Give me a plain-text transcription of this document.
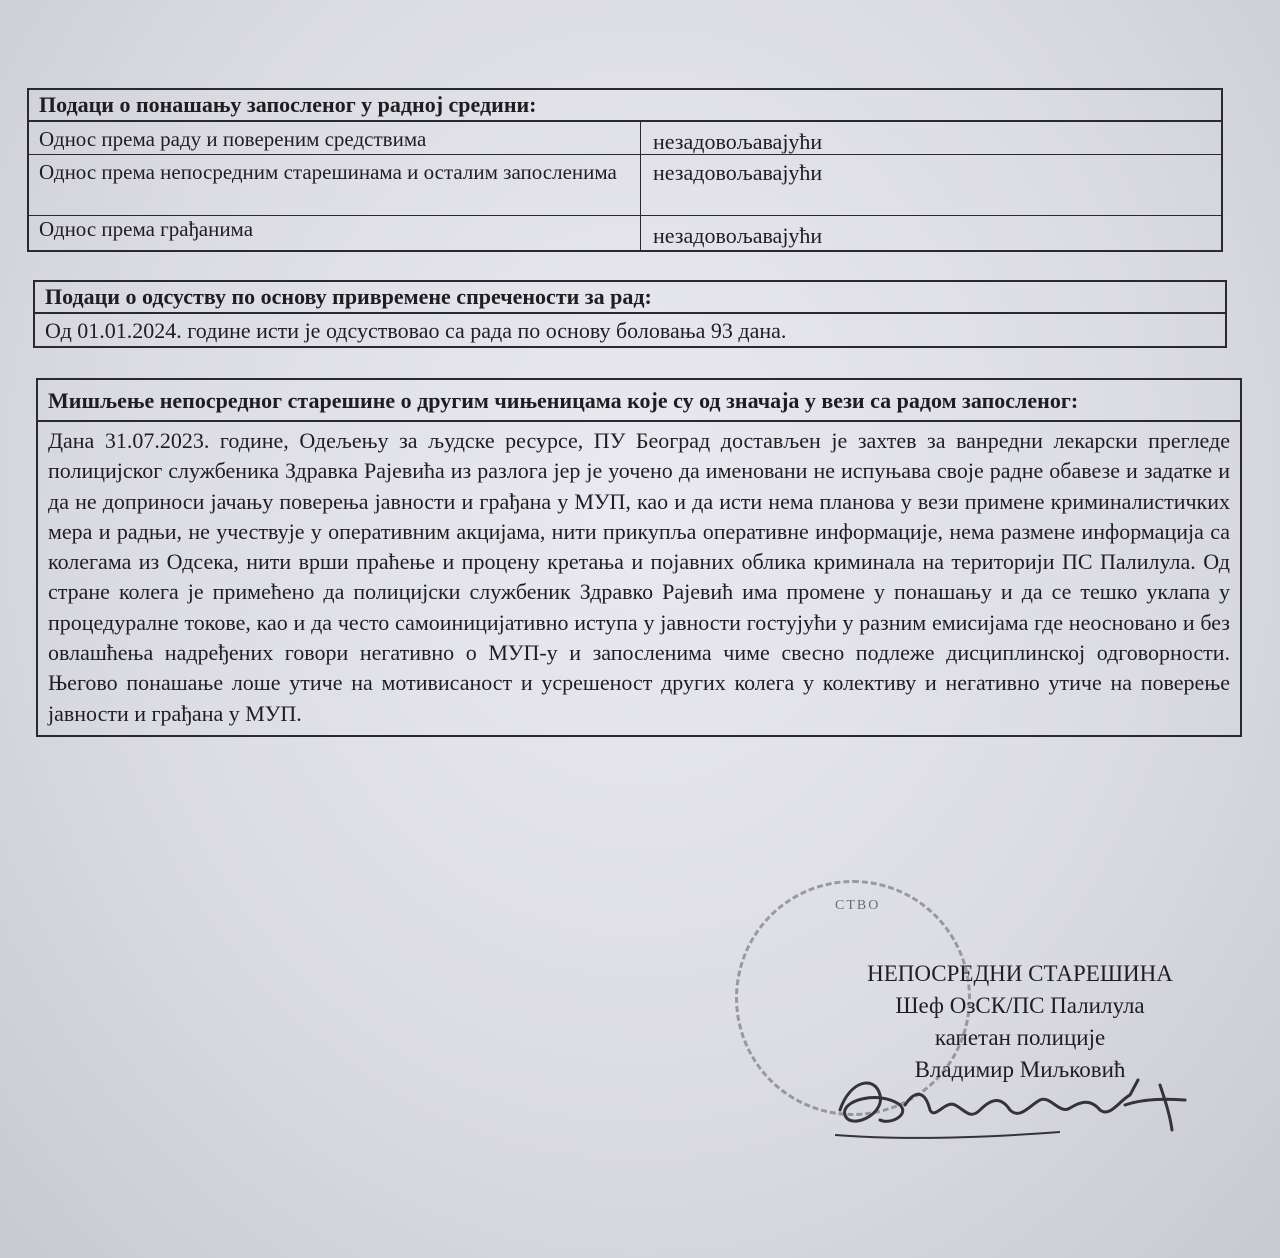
Подаци о понашању запосленог у радној средини:
Однос према раду и повереним средствима	незадовољавајући
Однос према непосредним старешинама и осталим запосленима	незадовољавајући
Однос према грађанима	незадовољавајући
Подаци о одсуству по основу привремене спречености за рад:
Од 01.01.2024. године исти је одсуствовао са рада по основу боловања 93 дана.
Мишљење непосредног старешине о другим чињеницама које су од значаја у вези са радом запосленог:
Дана 31.07.2023. године, Одељењу за људске ресурсе, ПУ Београд достављен је захтев за ванредни лекарски прегледе полицијског службеника Здравка Рајевића из разлога јер је уочено да именовани не испуњава своје радне обавезе и задатке и да не доприноси јачању поверења јавности и грађана у МУП, као и да исти нема планова у вези примене криминалистичких мера и радњи, не учествује у оперативним акцијама, нити прикупља оперативне информације, нема размене информација са колегама из Одсека, нити врши праћење и процену кретања и појавних облика криминала на територији ПС Палилула. Од стране колега је примећено да полицијски службеник Здравко Рајевић има промене у понашању и да се тешко уклапа у процедуралне токове, као и да често самоиницијативно иступа у јавности гостујући у разним емисијама где неосновано и без овлашћења надређених говори негативно о МУП-у и запосленима чиме свесно подлеже дисциплинској одговорности. Његово понашање лоше утиче на мотивисаност и усрешеност других колега у колективу и негативно утиче на поверење јавности и грађана у МУП.
СТВО
НЕПОСРЕДНИ СТАРЕШИНА
Шеф ОзСК/ПС Палилула
капетан полиције
Владимир Миљковић
